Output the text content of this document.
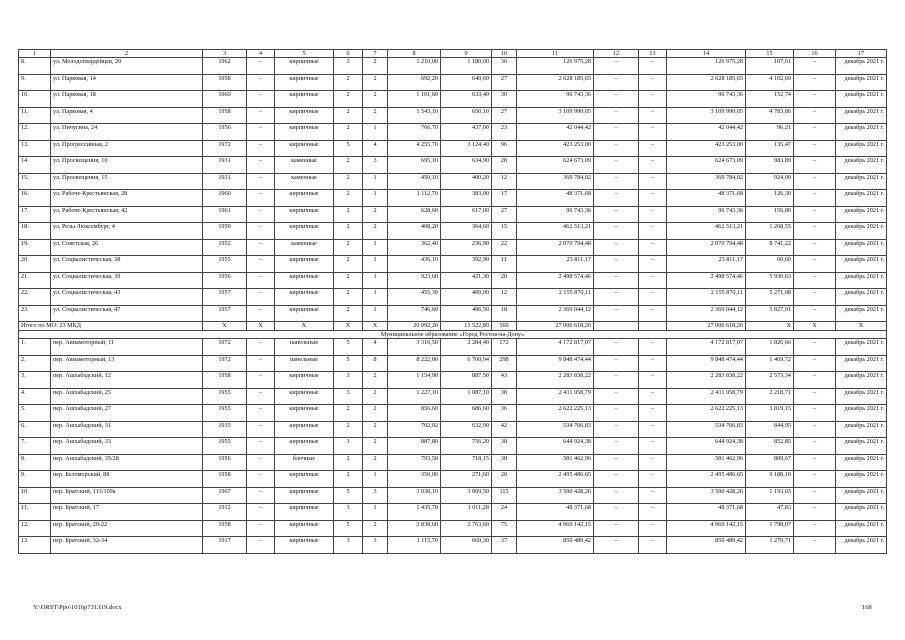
1	2	3	4	5	6	7	8	9	10	11	12	13	14	15	16	17
8.	ул. Молодогвардейцев, 20	1962	–	кирпичные	3	2	1 210,00	1 180,00	36	126 975,28	–	–	126 975,28	107,61	–	декабрь 2021 г.
9.	ул. Парковая, 14	1958	–	кирпичные	2	2	692,20	640,60	27	2 628 185,65	–	–	2 628 185,65	4 102,69	–	декабрь 2021 г.
10.	ул. Парковая, 18	1960	–	кирпичные	2	2	1 101,60	633,40	30	96 743,36	–	–	96 743,36	152,74	–	декабрь 2021 г.
11.	ул. Парковая, 4	1958	–	кирпичные	2	2	1 543,10	650,10	27	3 109 990,05	–	–	3 109 990,05	4 783,86	–	декабрь 2021 г.
12.	ул. Пичугина, 24	1956	–	кирпичные	2	1	766,70	437,00	23	42 044,42	–	–	42 044,42	96,21	–	декабрь 2021 г.
13.	ул. Прогрессивная, 2	1972	–	кирпичные	5	4	4 255,70	3 124,40	96	423 253,00	–	–	423 253,00	135,47	–	декабрь 2021 г.
14.	ул. Просвещения, 10	1931	–	каменные	2	3	695,10	634,90	28	624 673,09	–	–	624 673,09	983,89	–	декабрь 2021 г.
15.	ул. Просвещения, 15	1931	–	каменные	2	1	450,10	400,20	12	369 784,02	–	–	369 784,02	924,00	–	декабрь 2021 г.
16.	ул. Рабоче-Крестьянская, 28	1960	–	кирпичные	2	1	1 112,70	383,00	17	48 371,68	–	–	48 371,68	126,30	–	декабрь 2021 г.
17.	ул. Рабоче-Крестьянская, 42	1961	–	кирпичные	2	2	628,60	617,00	27	96 743,36	–	–	96 743,36	156,80	–	декабрь 2021 г.
18.	ул. Розы Люксембург, 4	1950	–	кирпичные	2	2	408,20	364,60	15	462 513,21	–	–	462 513,21	1 268,55	–	декабрь 2021 г.
19.	ул. Советская, 26	1952	–	каменные	2	1	362,40	236,90	22	2 070 794,48	–	–	2 070 794,48	8 741,22	–	декабрь 2021 г.
20.	ул. Социалистическая, 38	1955	–	кирпичные	2	1	436,10	392,90	11	23 811,17	–	–	23 811,17	60,60	–	декабрь 2021 г.
21.	ул. Социалистическая, 39	1956	–	кирпичные	2	1	923,60	421,30	20	2 498 574,46	–	–	2 498 574,46	5 930,63	–	декабрь 2021 г.
22.	ул. Социалистическая, 43	1957	–	кирпичные	2	1	455,30	409,00	12	2 155 870,11	–	–	2 155 870,11	5 271,08	–	декабрь 2021 г.
23.	ул. Социалистическая, 47	1957	–	кирпичные	2	1	746,60	406,50	18	2 369 044,12	–	–	2 369 044,12	5 827,91	–	декабрь 2021 г.
Итого по МО: 23 МКД		X	X	X	X	X	20 092,20	13 522,80	560	27 006 618,20			27 006 618,20	X	X	X
Муниципальное образование «Город Ростов-на-Дону»																
1.	пер. Авиамоторный, 11	1972	–	панельные	5	4	3 316,50	2 284,40	172	4 172 817,07	–	–	4 172 817,07	1 826,66	–	декабрь 2021 г.
2.	пер. Авиамоторный, 13	1972	–	панельные	5	8	8 222,00	6 700,94	298	9 848 474,44	–	–	9 848 474,44	1 469,72	–	декабрь 2021 г.
3.	пер. Ашхабадский, 12	1958	–	кирпичные	3	2	1 154,90	887,50	43	2 283 838,22	–	–	2 283 838,22	2 573,34	–	декабрь 2021 г.
4.	пер. Ашхабадский, 25	1955	–	кирпичные	3	2	1 227,10	1 087,10	38	2 411 958,79	–	–	2 411 958,79	2 218,71	–	декабрь 2021 г.
5.	пер. Ашхабадский, 27	1955	–	кирпичные	2	2	856,60	686,60	36	2 622 225,13	–	–	2 622 225,13	3 819,15	–	декабрь 2021 г.
6.	пер. Ашхабадский, 31	1935	–	кирпичные	2	2	702,02	632,90	42	534 766,83	–	–	534 766,83	844,95	–	декабрь 2021 г.
7.	пер. Ашхабадский, 33	1955	–	кирпичные	3	2	887,80	756,20	38	644 924,38	–	–	644 924,38	852,85	–	декабрь 2021 г.
8.	пер. Ашхабадский, 35/28	1956	–	блочные	2	2	793,50	718,15	38	581 462,96	–	–	581 462,96	809,67	–	декабрь 2021 г.
9.	пер. Беломорский, 88	1958	–	кирпичные	2	1	350,00	271,60	20	2 495 486,65	–	–	2 495 486,65	9 188,10	–	декабрь 2021 г.
10.	пер. Братский, 113/109а	1967	–	кирпичные	5	3	3 030,10	3 009,50	115	3 590 428,26	–	–	3 590 428,26	1 193,03	–	декабрь 2021 г.
11.	пер. Братский, 17	1912	–	кирпичные	3	1	1 435,70	1 011,28	24	48 371,68	–	–	48 371,68	47,83	–	декабрь 2021 г.
12.	пер. Братский, 20-22	1958	–	кирпичные	5	2	2 838,60	2 763,60	75	4 969 142,15	–	–	4 969 142,15	1 798,07	–	декабрь 2021 г.
13.	пер. Братский, 32-34	1917	–	кирпичные	3	3	1 115,70	669,30	37	850 489,42	–	–	850 489,42	1 270,71	–	декабрь 2021 г.
Y:\ORST\Ppo\1016p731.f19.docx	168
